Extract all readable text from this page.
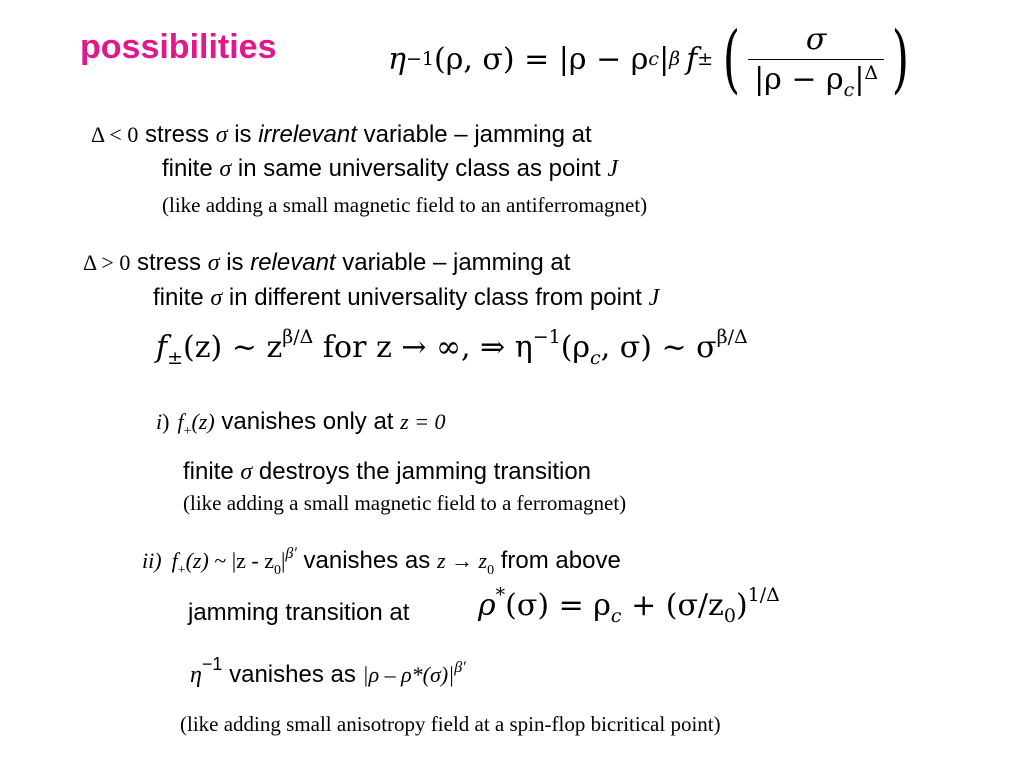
possibilities	η −1 (ρ, σ) = |ρ − ρ c | β f ± ( $\frac{\sigma}{|\rho - \rho_c|^\Delta}$ )
Δ < 0 stress σ is irrelevant variable – jamming at
finite σ in same universality class as point J
(like adding a small magnetic field to an antiferromagnet)
Δ > 0 stress σ is relevant variable – jamming at
finite σ in different universality class from point J
$f_\pm(z)$ ~ $z^{\beta/\Delta}$ for z → ∞, ⇒ $\eta^{-1}(\rho_c$, σ) ~ $\sigma^{\beta/\Delta}$
i) $f_+(z)$ vanishes only at z = 0
finite σ destroys the jamming transition
(like adding a small magnetic field to a ferromagnet)
ii) $f_+(z)$ ~ $|z - z_0|^{\beta'}$ vanishes as $z \to z_0$ from above
jamming transition at $\rho^*(\sigma) = \rho_c + (\sigma/z_0)^{1/\Delta}$
$\eta^{-1}$ vanishes as $|\rho - \rho*(\sigma)|^{\beta'}$
(like adding small anisotropy field at a spin-flop bicritical point)
